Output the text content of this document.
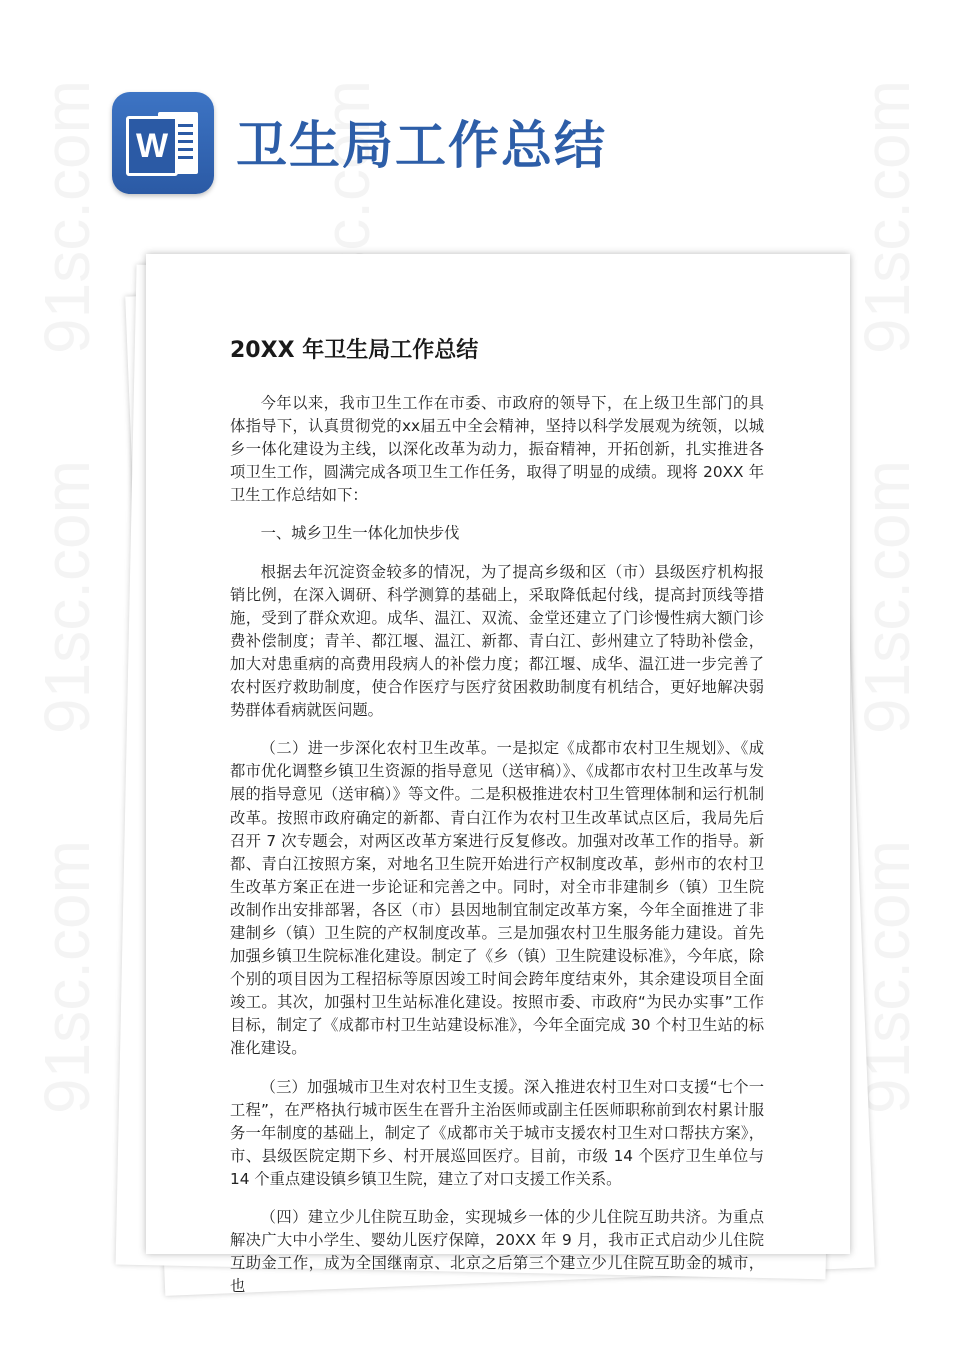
91sc.com
91sc.com
91sc.com
91sc.com	91sc.com
91sc.com
91sc.com
W 卫生局工作总结
20XX 年卫生局工作总结

今年以来，我市卫生工作在市委、市政府的领导下，在上级卫生部门的具体指导下，认真贯彻党的xx届五中全会精神，坚持以科学发展观为统领，以城乡一体化建设为主线，以深化改革为动力，振奋精神，开拓创新，扎实推进各项卫生工作，圆满完成各项卫生工作任务，取得了明显的成绩。现将 20XX 年卫生工作总结如下：

一、城乡卫生一体化加快步伐

根据去年沉淀资金较多的情况，为了提高乡级和区（市）县级医疗机构报销比例，在深入调研、科学测算的基础上，采取降低起付线，提高封顶线等措施，受到了群众欢迎。成华、温江、双流、金堂还建立了门诊慢性病大额门诊费补偿制度；青羊、都江堰、温江、新都、青白江、彭州建立了特助补偿金，加大对患重病的高费用段病人的补偿力度；都江堰、成华、温江进一步完善了农村医疗救助制度，使合作医疗与医疗贫困救助制度有机结合，更好地解决弱势群体看病就医问题。

（二）进一步深化农村卫生改革。一是拟定《成都市农村卫生规划》、《成都市优化调整乡镇卫生资源的指导意见（送审稿）》、《成都市农村卫生改革与发展的指导意见（送审稿）》等文件。二是积极推进农村卫生管理体制和运行机制改革。按照市政府确定的新都、青白江作为农村卫生改革试点区后，我局先后召开 7 次专题会，对两区改革方案进行反复修改。加强对改革工作的指导。新都、青白江按照方案，对地名卫生院开始进行产权制度改革，彭州市的农村卫生改革方案正在进一步论证和完善之中。同时，对全市非建制乡（镇）卫生院改制作出安排部署，各区（市）县因地制宜制定改革方案，今年全面推进了非建制乡（镇）卫生院的产权制度改革。三是加强农村卫生服务能力建设。首先加强乡镇卫生院标准化建设。制定了《乡（镇）卫生院建设标准》，今年底，除个别的项目因为工程招标等原因竣工时间会跨年度结束外，其余建设项目全面竣工。其次，加强村卫生站标准化建设。按照市委、市政府“为民办实事”工作目标，制定了《成都市村卫生站建设标准》，今年全面完成 30 个村卫生站的标准化建设。

（三）加强城市卫生对农村卫生支援。深入推进农村卫生对口支援“七个一工程”，在严格执行城市医生在晋升主治医师或副主任医师职称前到农村累计服务一年制度的基础上，制定了《成都市关于城市支援农村卫生对口帮扶方案》，市、县级医院定期下乡、村开展巡回医疗。目前，市级 14 个医疗卫生单位与 14 个重点建设镇乡镇卫生院，建立了对口支援工作关系。

（四）建立少儿住院互助金，实现城乡一体的少儿住院互助共济。为重点解决广大中小学生、婴幼儿医疗保障，20XX 年 9 月，我市正式启动少儿住院互助金工作，成为全国继南京、北京之后第三个建立少儿住院互助金的城市，也
